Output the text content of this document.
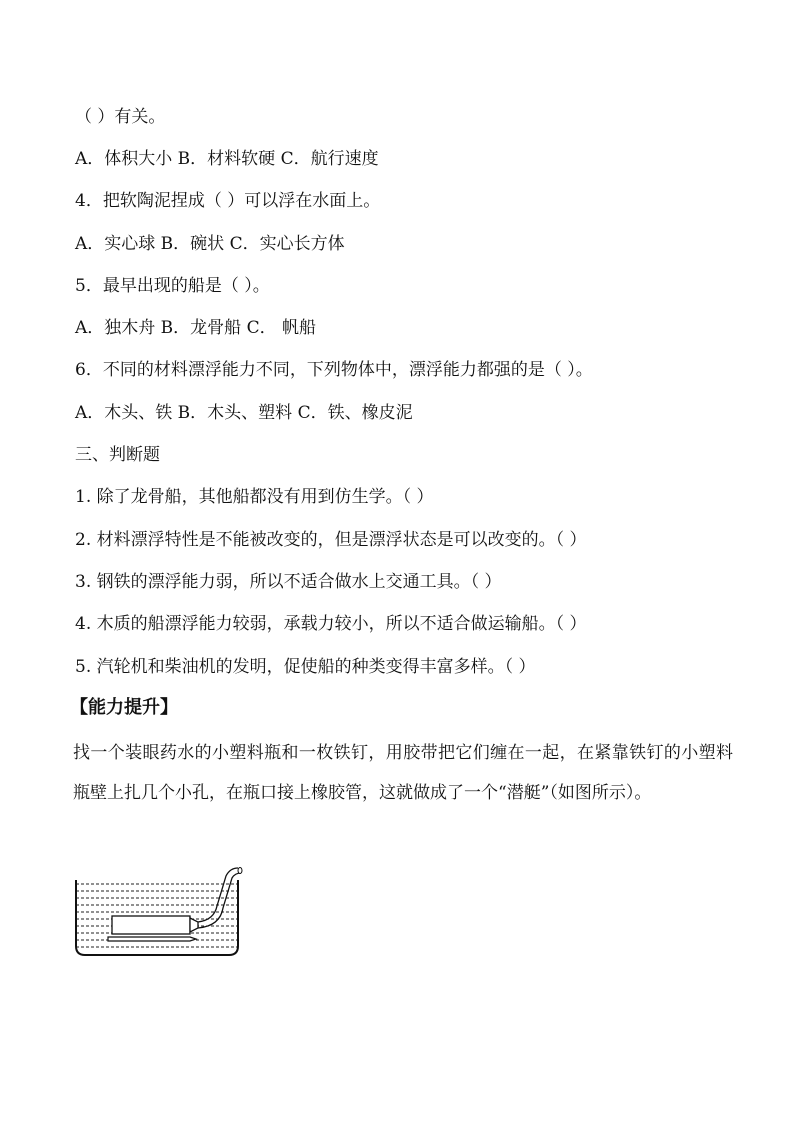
（ ）有关。
A．体积大小 B．材料软硬 C．航行速度
4．把软陶泥捏成（ ）可以浮在水面上。
A．实心球 B．碗状 C．实心长方体
5．最早出现的船是（ ）。
A．独木舟 B．龙骨船 C． 帆船
6．不同的材料漂浮能力不同，下列物体中，漂浮能力都强的是（ ）。
A．木头、铁 B．木头、塑料 C．铁、橡皮泥
三、判断题
1. 除了龙骨船，其他船都没有用到仿生学。（ ）
2. 材料漂浮特性是不能被改变的，但是漂浮状态是可以改变的。（ ）
3. 钢铁的漂浮能力弱，所以不适合做水上交通工具。（ ）
4. 木质的船漂浮能力较弱，承载力较小，所以不适合做运输船。（ ）
5. 汽轮机和柴油机的发明，促使船的种类变得丰富多样。（ ）
【能力提升】
找一个装眼药水的小塑料瓶和一枚铁钉，用胶带把它们缠在一起，在紧靠铁钉的小塑料瓶壁上扎几个小孔，在瓶口接上橡胶管，这就做成了一个“潜艇”（如图所示）。
